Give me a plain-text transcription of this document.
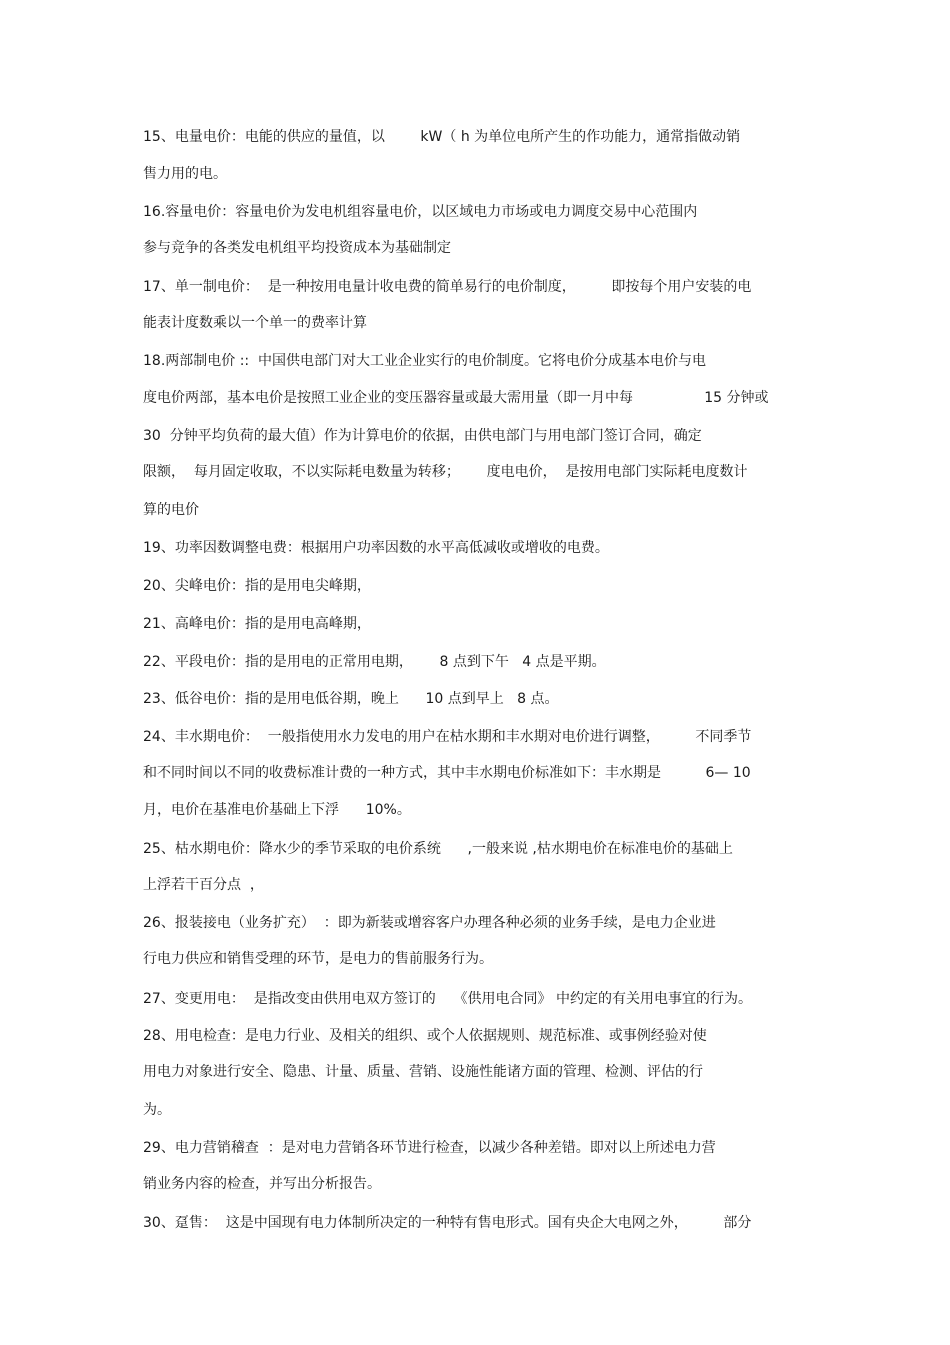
15、电量电价：电能的供应的量值，以        kW（ h 为单位电所产生的作功能力，通常指做动销
售力用的电。
16.容量电价：容量电价为发电机组容量电价，以区域电力市场或电力调度交易中心范围内
参与竞争的各类发电机组平均投资成本为基础制定
17、单一制电价：  是一种按用电量计收电费的简单易行的电价制度，        即按每个用户安装的电
能表计度数乘以一个单一的费率计算
18.两部制电价 ::  中国供电部门对大工业企业实行的电价制度。它将电价分成基本电价与电
度电价两部，基本电价是按照工业企业的变压器容量或最大需用量（即一月中每                15 分钟或
30  分钟平均负荷的最大值）作为计算电价的依据，由供电部门与用电部门签订合同，确定
限额，  每月固定收取，不以实际耗电数量为转移；      度电电价，  是按用电部门实际耗电度数计
算的电价
19、功率因数调整电费：根据用户功率因数的水平高低减收或增收的电费。
20、尖峰电价：指的是用电尖峰期，
21、高峰电价：指的是用电高峰期，
22、平段电价：指的是用电的正常用电期，      8 点到下午   4 点是平期。
23、低谷电价：指的是用电低谷期，晚上      10 点到早上   8 点。
24、丰水期电价：  一般指使用水力发电的用户在枯水期和丰水期对电价进行调整，        不同季节
和不同时间以不同的收费标准计费的一种方式，其中丰水期电价标准如下：丰水期是          6— 10
月，电价在基准电价基础上下浮      10%。
25、枯水期电价：降水少的季节采取的电价系统      ,一般来说 ,枯水期电价在标准电价的基础上
上浮若干百分点  ，
26、报装接电（业务扩充）  ：即为新装或增容客户办理各种必须的业务手续，是电力企业进
行电力供应和销售受理的环节，是电力的售前服务行为。
27、变更用电：  是指改变由供用电双方签订的    《供用电合同》 中约定的有关用电事宜的行为。
28、用电检查：是电力行业、及相关的组织、或个人依据规则、规范标准、或事例经验对使
用电力对象进行安全、隐患、计量、质量、营销、设施性能诸方面的管理、检测、评估的行
为。
29、电力营销稽查  ：是对电力营销各环节进行检查，以减少各种差错。即对以上所述电力营
销业务内容的检查，并写出分析报告。
30、趸售：  这是中国现有电力体制所决定的一种特有售电形式。国有央企大电网之外，        部分
